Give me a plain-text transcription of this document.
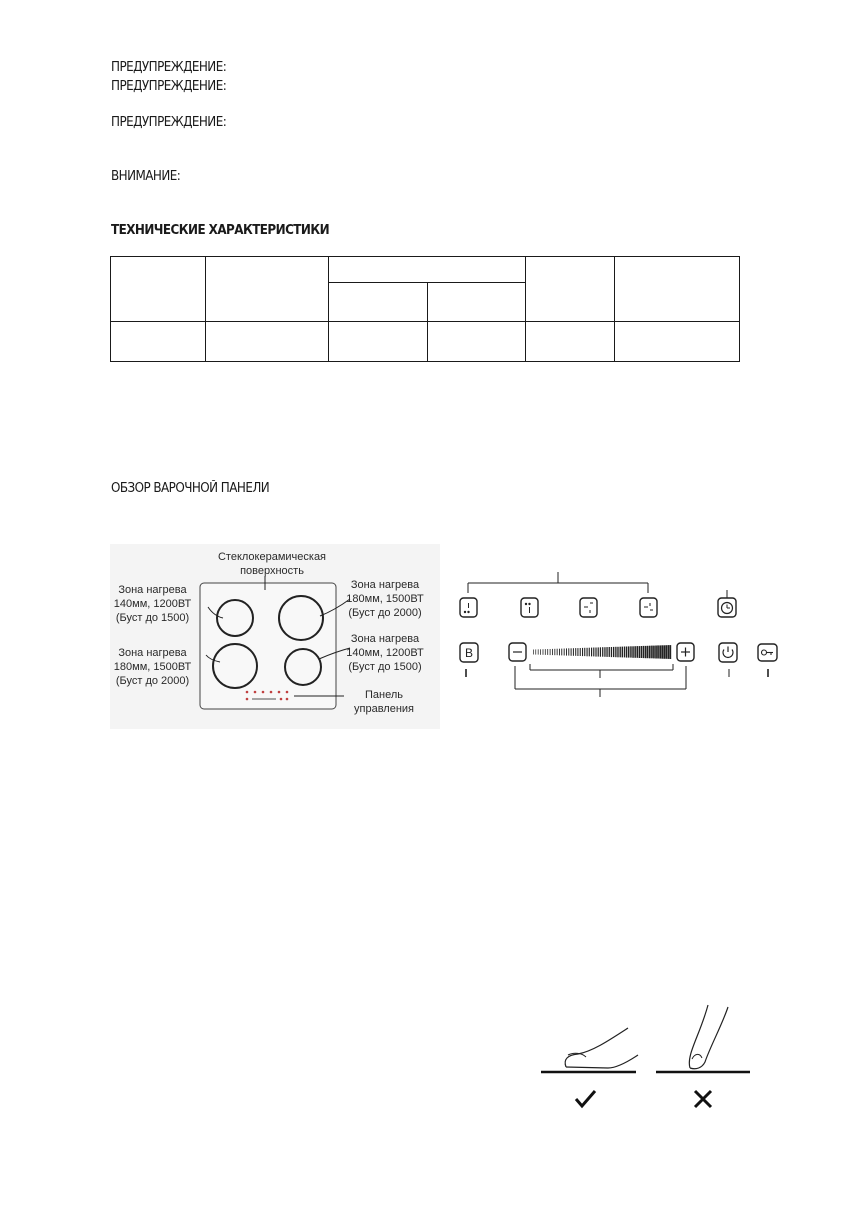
ПРЕДУПРЕЖДЕНИЕ:
ПРЕДУПРЕЖДЕНИЕ:
ПРЕДУПРЕЖДЕНИЕ:
ВНИМАНИЕ:
ТЕХНИЧЕСКИЕ ХАРАКТЕРИСТИКИ

ОБЗОР ВАРОЧНОЙ ПАНЕЛИ
Стеклокерамическая
поверхность
Зона нагрева
140мм, 1200ВТ
(Буст до 1500)
Зона нагрева
180мм, 1500ВТ
(Буст до 2000)
Зона нагрева
180мм, 1500ВТ
(Буст до 2000)
Зона нагрева
140мм, 1200ВТ
(Буст до 1500)
Панель
управления
B
